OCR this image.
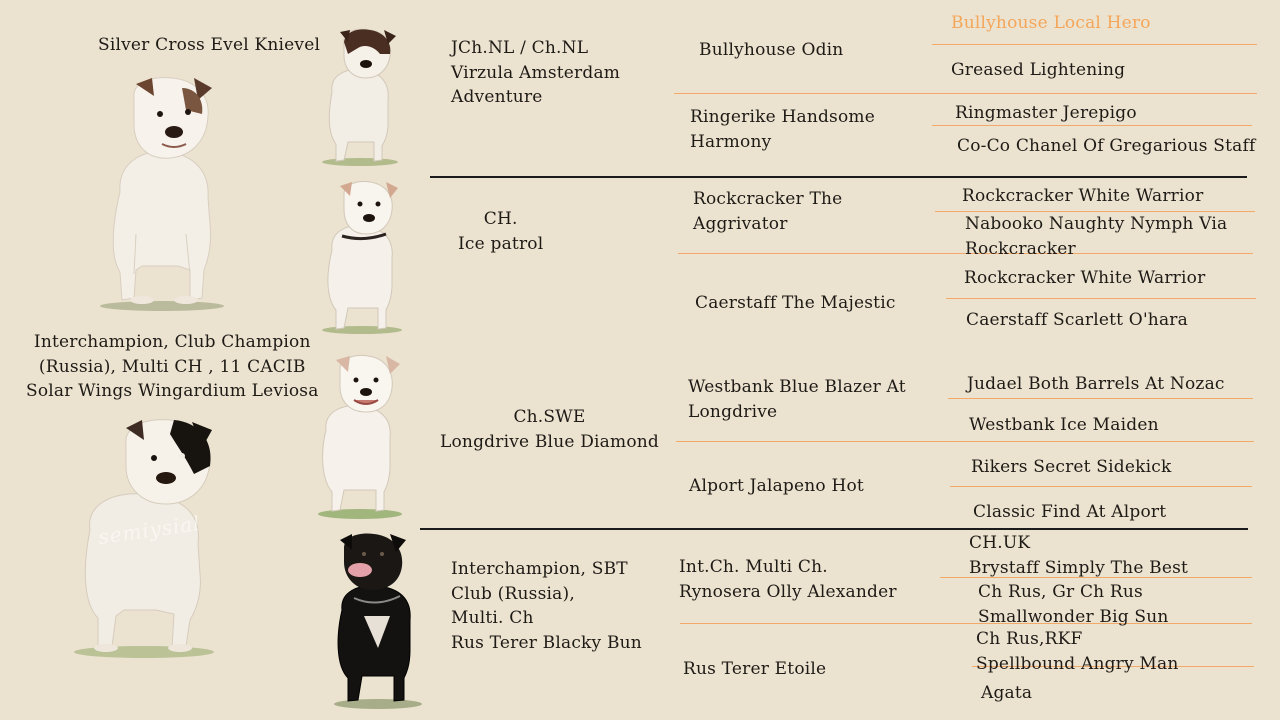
semiysial
Silver Cross Evel Knievel
Interchampion, Club Champion
(Russia), Multi CH , 11 CACIB
Solar Wings Wingardium Leviosa
JCh.NL / Ch.NL
Virzula Amsterdam
Adventure
CH.
Ice patrol
Ch.SWE
Longdrive Blue Diamond
Interchampion, SBT
Club (Russia),
Multi. Ch
Rus Terer Blacky Bun
Bullyhouse Odin
Ringerike Handsome
Harmony
Rockcracker The
Aggrivator
Caerstaff The Majestic
Westbank Blue Blazer At
Longdrive
Alport Jalapeno Hot
Int.Ch. Multi Ch.
Rynosera Olly Alexander
Rus Terer Etoile
Bullyhouse Local Hero
Greased Lightening
Ringmaster Jerepigo
Co-Co Chanel Of Gregarious Staff
Rockcracker White Warrior
Nabooko Naughty Nymph Via
Rockcracker
Rockcracker White Warrior
Caerstaff Scarlett O'hara
Judael Both Barrels At Nozac
Westbank Ice Maiden
Rikers Secret Sidekick
Classic Find At Alport
CH.UK
Brystaff Simply The Best
Ch Rus, Gr Ch Rus
Smallwonder Big Sun
Ch Rus,RKF
Spellbound Angry Man
Agata
